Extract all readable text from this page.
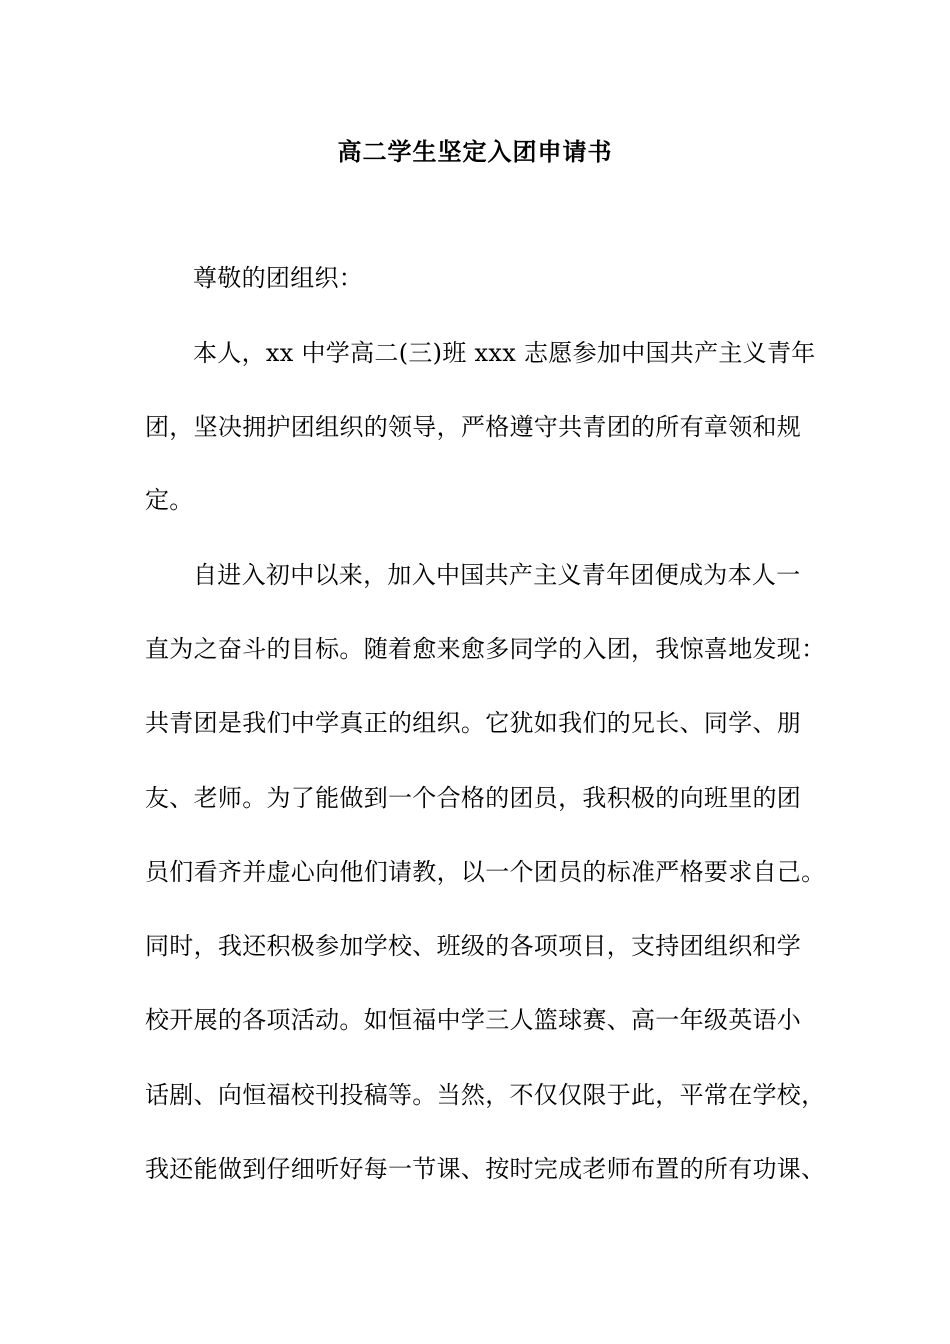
高二学生坚定入团申请书
尊敬的团组织：
本人，xx 中学高二(三)班 xxx 志愿参加中国共产主义青年
团，坚决拥护团组织的领导，严格遵守共青团的所有章领和规
定。
自进入初中以来，加入中国共产主义青年团便成为本人一
直为之奋斗的目标。随着愈来愈多同学的入团，我惊喜地发现：
共青团是我们中学真正的组织。它犹如我们的兄长、同学、朋
友、老师。为了能做到一个合格的团员，我积极的向班里的团
员们看齐并虚心向他们请教，以一个团员的标准严格要求自己。
同时，我还积极参加学校、班级的各项项目，支持团组织和学
校开展的各项活动。如恒福中学三人篮球赛、高一年级英语小
话剧、向恒福校刊投稿等。当然，不仅仅限于此，平常在学校，
我还能做到仔细听好每一节课、按时完成老师布置的所有功课、
